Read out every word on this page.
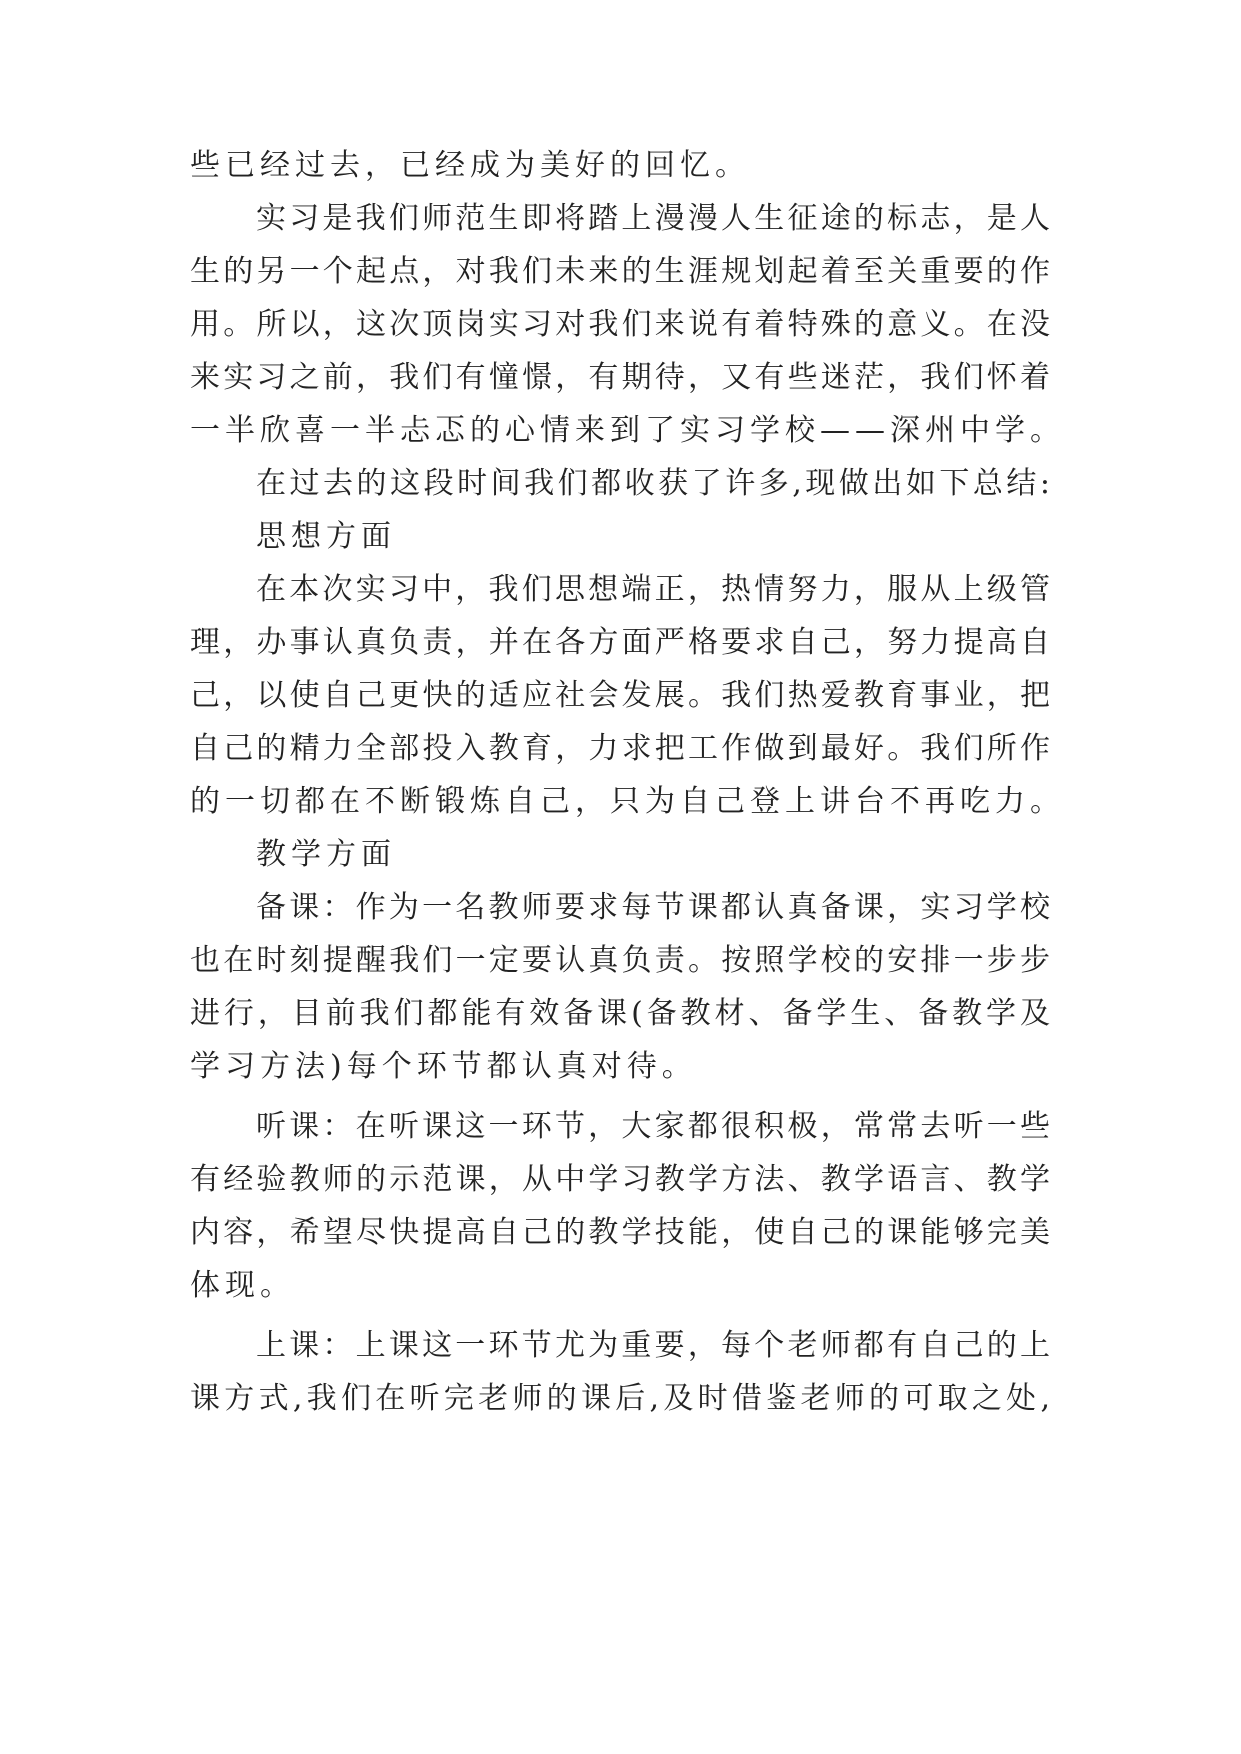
些已经过去，已经成为美好的回忆。
实习是我们师范生即将踏上漫漫人生征途的标志，是人
生的另一个起点，对我们未来的生涯规划起着至关重要的作
用。所以，这次顶岗实习对我们来说有着特殊的意义。在没
来实习之前，我们有憧憬，有期待，又有些迷茫，我们怀着
一半欣喜一半忐忑的心情来到了实习学校——深州中学。
在过去的这段时间我们都收获了许多,现做出如下总结:
思想方面
在本次实习中，我们思想端正，热情努力，服从上级管
理，办事认真负责，并在各方面严格要求自己，努力提高自
己，以使自己更快的适应社会发展。我们热爱教育事业，把
自己的精力全部投入教育，力求把工作做到最好。我们所作
的一切都在不断锻炼自己，只为自己登上讲台不再吃力。
教学方面
备课：作为一名教师要求每节课都认真备课，实习学校
也在时刻提醒我们一定要认真负责。按照学校的安排一步步
进行，目前我们都能有效备课(备教材、备学生、备教学及
学习方法)每个环节都认真对待。
听课：在听课这一环节，大家都很积极，常常去听一些
有经验教师的示范课，从中学习教学方法、教学语言、教学
内容，希望尽快提高自己的教学技能，使自己的课能够完美
体现。
上课：上课这一环节尤为重要，每个老师都有自己的上
课方式,我们在听完老师的课后,及时借鉴老师的可取之处,
